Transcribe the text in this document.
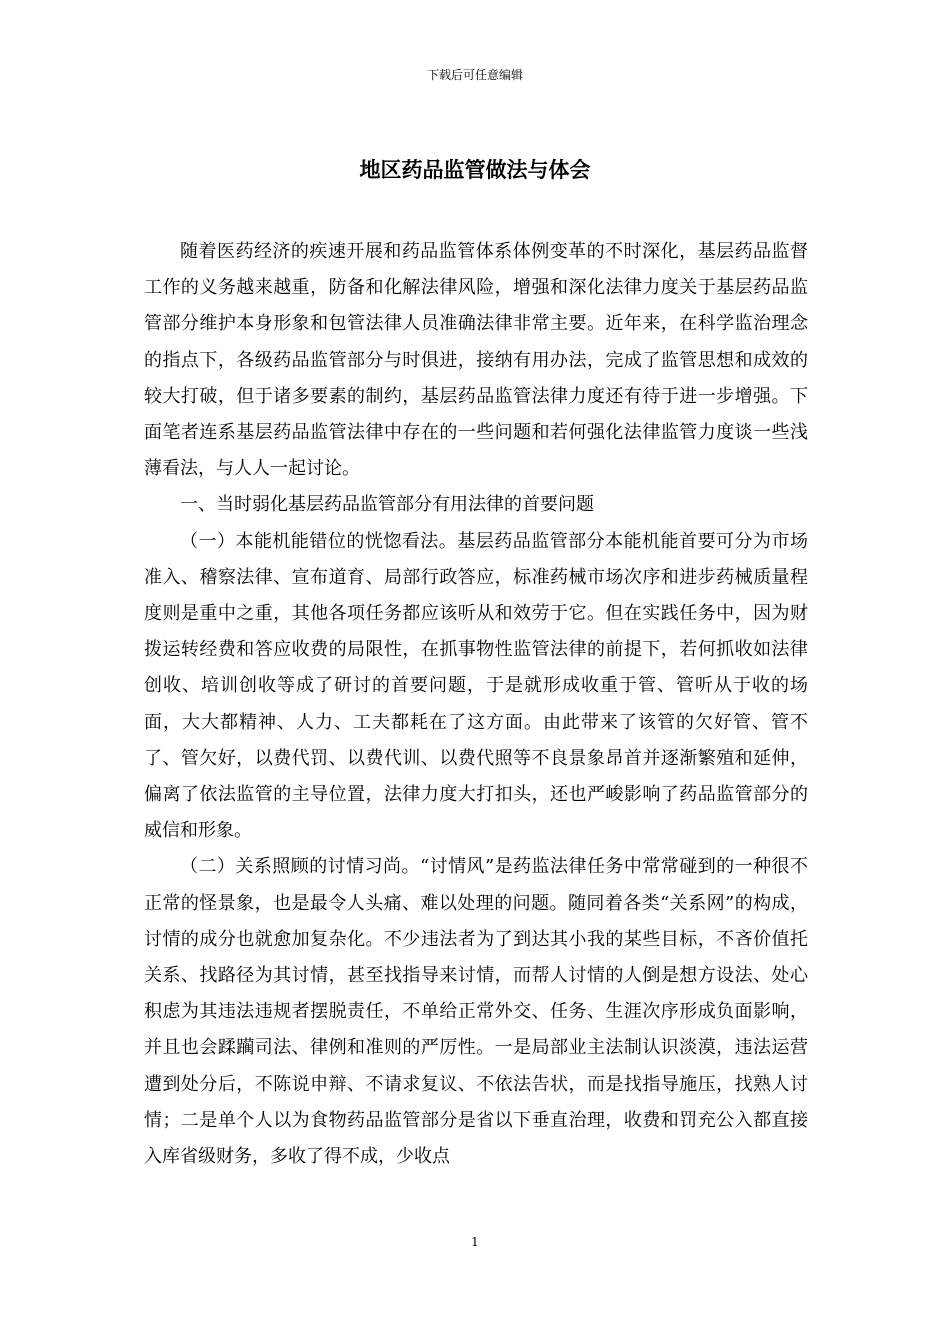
下载后可任意编辑
地区药品监管做法与体会

随着医药经济的疾速开展和药品监管体系体例变革的不时深化，基层药品监督工作的义务越来越重，防备和化解法律风险，增强和深化法律力度关于基层药品监管部分维护本身形象和包管法律人员准确法律非常主要。近年来，在科学监治理念的指点下，各级药品监管部分与时俱进，接纳有用办法，完成了监管思想和成效的较大打破，但于诸多要素的制约，基层药品监管法律力度还有待于进一步增强。下面笔者连系基层药品监管法律中存在的一些问题和若何强化法律监管力度谈一些浅薄看法，与人人一起讨论。

一、当时弱化基层药品监管部分有用法律的首要问题

（一）本能机能错位的恍惚看法。基层药品监管部分本能机能首要可分为市场准入、稽察法律、宣布道育、局部行政答应，标准药械市场次序和进步药械质量程度则是重中之重，其他各项任务都应该听从和效劳于它。但在实践任务中，因为财拨运转经费和答应收费的局限性，在抓事物性监管法律的前提下，若何抓收如法律创收、培训创收等成了研讨的首要问题，于是就形成收重于管、管听从于收的场面，大大都精神、人力、工夫都耗在了这方面。由此带来了该管的欠好管、管不了、管欠好，以费代罚、以费代训、以费代照等不良景象昂首并逐渐繁殖和延伸，偏离了依法监管的主导位置，法律力度大打扣头，还也严峻影响了药品监管部分的威信和形象。

（二）关系照顾的讨情习尚。“讨情风”是药监法律任务中常常碰到的一种很不正常的怪景象，也是最令人头痛、难以处理的问题。随同着各类“关系网”的构成，讨情的成分也就愈加复杂化。不少违法者为了到达其小我的某些目标，不吝价值托关系、找路径为其讨情，甚至找指导来讨情，而帮人讨情的人倒是想方设法、处心积虑为其违法违规者摆脱责任，不单给正常外交、任务、生涯次序形成负面影响，并且也会蹂躏司法、律例和准则的严厉性。一是局部业主法制认识淡漠，违法运营遭到处分后，不陈说申辩、不请求复议、不依法告状，而是找指导施压，找熟人讨情；二是单个人以为食物药品监管部分是省以下垂直治理，收费和罚充公入都直接入库省级财务，多收了得不成，少收点

1
